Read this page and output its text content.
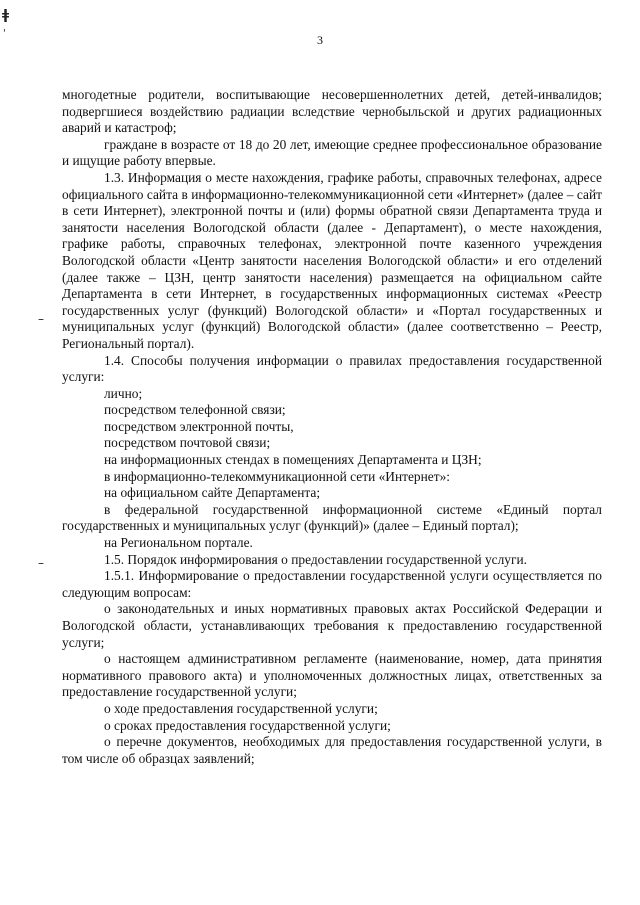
ǂ
'
–
–
3

многодетные родители, воспитывающие несовершеннолетних детей, детей-инвалидов; подвергшиеся воздействию радиации вследствие чернобыльской и других радиационных аварий и катастроф;

граждане в возрасте от 18 до 20 лет, имеющие среднее профессиональное образование и ищущие работу впервые.

1.3. Информация о месте нахождения, графике работы, справочных телефонах, адресе официального сайта в информационно-телекоммуникационной сети «Интернет» (далее – сайт в сети Интернет), электронной почты и (или) формы обратной связи Департамента труда и занятости населения Вологодской области (далее - Департамент), о месте нахождения, графике работы, справочных телефонах, электронной почте казенного учреждения Вологодской области «Центр занятости населения Вологодской области» и его отделений (далее также – ЦЗН, центр занятости населения) размещается на официальном сайте Департамента в сети Интернет, в государственных информационных системах «Реестр государственных услуг (функций) Вологодской области» и «Портал государственных и муниципальных услуг (функций) Вологодской области» (далее соответственно – Реестр, Региональный портал).

1.4. Способы получения информации о правилах предоставления государственной услуги:

лично;

посредством телефонной связи;

посредством электронной почты,

посредством почтовой связи;

на информационных стендах в помещениях Департамента и ЦЗН;

в информационно-телекоммуникационной сети «Интернет»:

на официальном сайте Департамента;

в федеральной государственной информационной системе «Единый портал государственных и муниципальных услуг (функций)» (далее – Единый портал);

на Региональном портале.

1.5. Порядок информирования о предоставлении государственной услуги.

1.5.1. Информирование о предоставлении государственной услуги осуществляется по следующим вопросам:

о законодательных и иных нормативных правовых актах Российской Федерации и Вологодской области, устанавливающих требования к предоставлению государственной услуги;

о настоящем административном регламенте (наименование, номер, дата принятия нормативного правового акта) и уполномоченных должностных лицах, ответственных за предоставление государственной услуги;

о ходе предоставления государственной услуги;

о сроках предоставления государственной услуги;

о перечне документов, необходимых для предоставления государственной услуги, в том числе об образцах заявлений;
